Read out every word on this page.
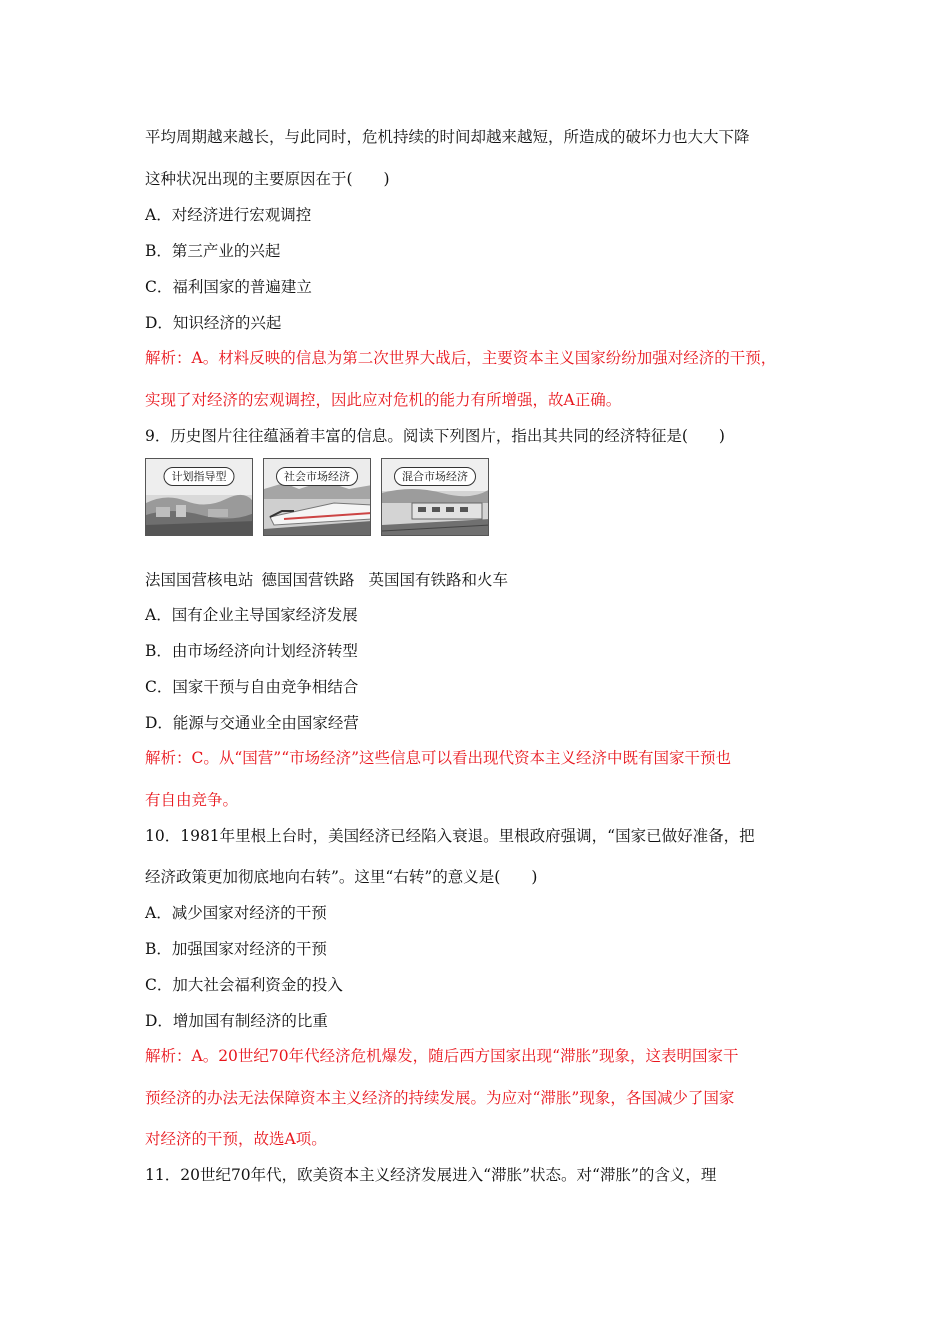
平均周期越来越长，与此同时，危机持续的时间却越来越短，所造成的破坏力也大大下降
这种状况出现的主要原因在于(　　)
A．对经济进行宏观调控
B．第三产业的兴起
C．福利国家的普遍建立
D．知识经济的兴起
解析：A。材料反映的信息为第二次世界大战后，主要资本主义国家纷纷加强对经济的干预，
实现了对经济的宏观调控，因此应对危机的能力有所增强，故A正确。
9．历史图片往往蕴涵着丰富的信息。阅读下列图片，指出其共同的经济特征是(　　)
计划指导型	社会市场经济	混合市场经济
法国国营核电站 德国国营铁路 英国国有铁路和火车
A．国有企业主导国家经济发展
B．由市场经济向计划经济转型
C．国家干预与自由竞争相结合
D．能源与交通业全由国家经营
解析：C。从“国营”“市场经济”这些信息可以看出现代资本主义经济中既有国家干预也
有自由竞争。
10．1981年里根上台时，美国经济已经陷入衰退。里根政府强调，“国家已做好准备，把
经济政策更加彻底地向右转”。这里“右转”的意义是(　　)
A．减少国家对经济的干预
B．加强国家对经济的干预
C．加大社会福利资金的投入
D．增加国有制经济的比重
解析：A。20世纪70年代经济危机爆发，随后西方国家出现“滞胀”现象，这表明国家干
预经济的办法无法保障资本主义经济的持续发展。为应对“滞胀”现象，各国减少了国家
对经济的干预，故选A项。
11．20世纪70年代，欧美资本主义经济发展进入“滞胀”状态。对“滞胀”的含义，理
